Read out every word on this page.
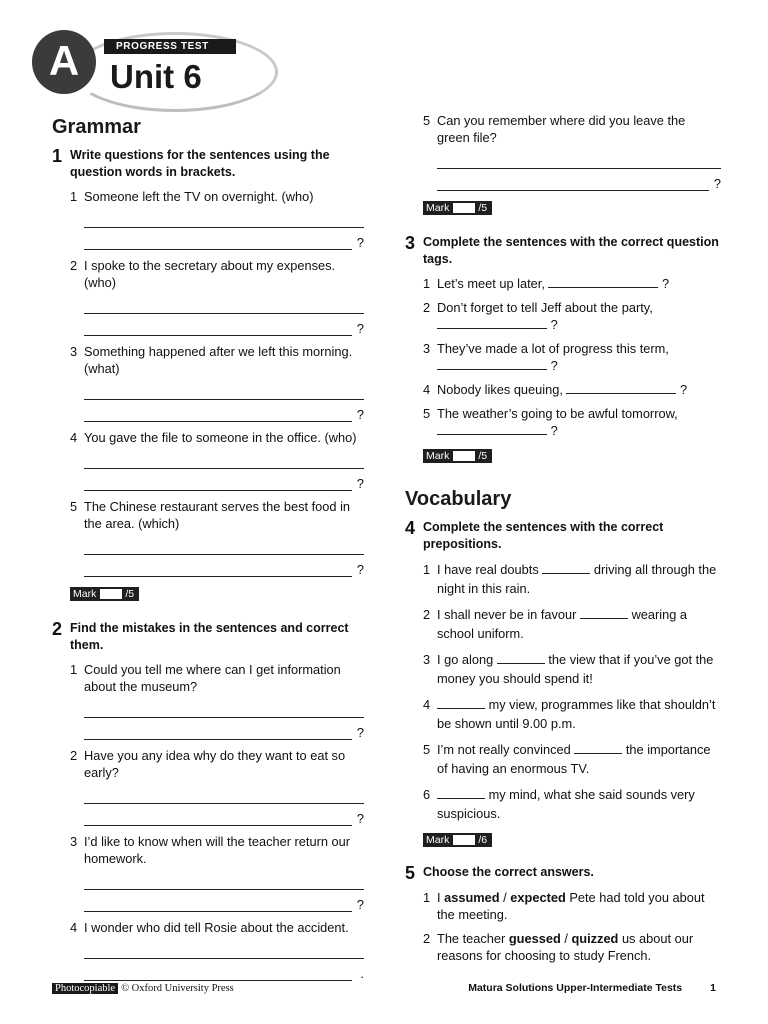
A	PROGRESS TEST
Unit 6
Grammar
1 Write questions for the sentences using the question words in brackets.
1 Someone left the TV on overnight. (who)
?
2 I spoke to the secretary about my expenses. (who)
?
3 Something happened after we left this morning. (what)
?
4 You gave the file to someone in the office. (who)
?
5 The Chinese restaurant serves the best food in the area. (which)
?
Mark	/5
2 Find the mistakes in the sentences and correct them.
1 Could you tell me where can I get information about the museum?
?
2 Have you any idea why do they want to eat so early?
?
3 I’d like to know when will the teacher return our homework.
?
4 I wonder who did tell Rosie about the accident.
.
5 Can you remember where did you leave the green file?
?
Mark	/5
3 Complete the sentences with the correct question tags.
1 Let’s meet up later,	?
2 Don’t forget to tell Jeff about the party,
?
3 They’ve made a lot of progress this term,
?
4 Nobody likes queuing,	?
5 The weather’s going to be awful tomorrow,
?
Mark	/5
Vocabulary
4 Complete the sentences with the correct prepositions.
1 I have real doubts	driving all through the night in this rain.
2 I shall never be in favour	wearing a school uniform.
3 I go along	the view that if you’ve got the money you should spend it!
4	my view, programmes like that shouldn’t be shown until 9.00 p.m.
5 I’m not really convinced	the importance of having an enormous TV.
6	my mind, what she said sounds very suspicious.
Mark	/6
5 Choose the correct answers.
1 I assumed / expected Pete had told you about the meeting.
2 The teacher guessed / quizzed us about our reasons for choosing to study French.
Photocopiable © Oxford University Press	Matura Solutions Upper-Intermediate Tests	1
